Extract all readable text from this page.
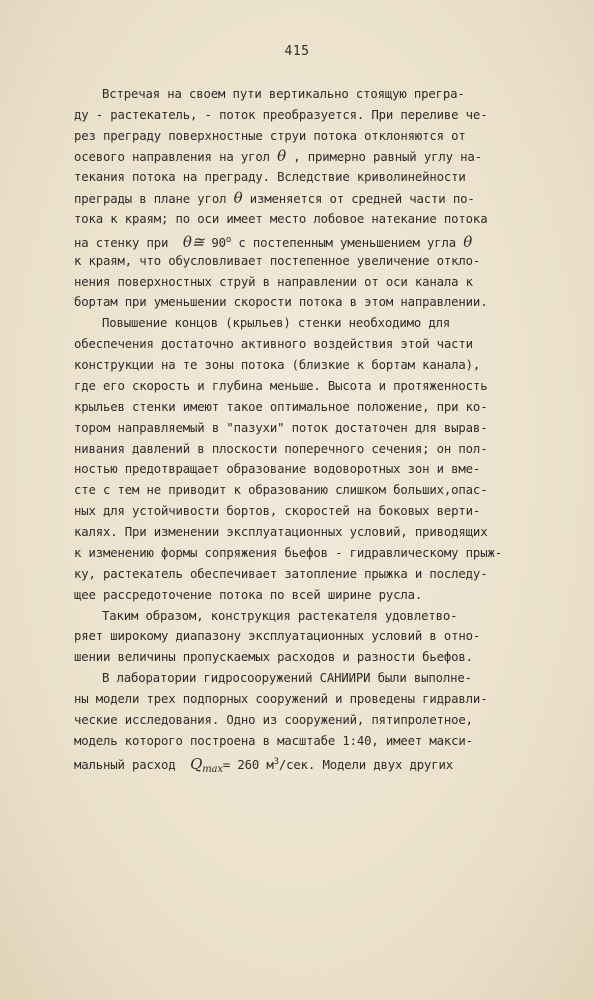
415
Встречая на своем пути вертикально стоящую прегра-
ду - растекатель, - поток преобразуется. При переливе че-
рез преграду поверхностные струи потока отклоняются от
осевого направления на угол θ , примерно равный углу на-
текания потока на преграду. Вследствие криволинейности
преграды в плане угол θ изменяется от средней части по-
тока к краям; по оси имеет место лобовое натекание потока
на стенку при  θ≅ $90^о$ с постепенным уменьшением угла θ
к краям, что обусловливает постепенное увеличение откло-
нения поверхностных струй в направлении от оси канала к
бортам при уменьшении скорости потока в этом направлении.
Повышение концов (крыльев) стенки необходимо для
обеспечения достаточно активного воздействия этой части
конструкции на те зоны потока (близкие к бортам канала),
где его скорость и глубина меньше. Высота и протяженность
крыльев стенки имеют такое оптимальное положение, при ко-
тором направляемый в "пазухи" поток достаточен для вырав-
нивания давлений в плоскости поперечного сечения; он пол-
ностью предотвращает образование водоворотных зон и вме-
сте с тем не приводит к образованию слишком больших,опас-
ных для устойчивости бортов, скоростей на боковых верти-
калях. При изменении эксплуатационных условий, приводящих
к изменению формы сопряжения бьефов - гидравлическому прыж-
ку, растекатель обеспечивает затопление прыжка и последу-
щее рассредоточение потока по всей ширине русла.
Таким образом, конструкция растекателя удовлетво-
ряет широкому диапазону эксплуатационных условий в отно-
шении величины пропускаемых расходов и разности бьефов.
В лаборатории гидросооружений САНИИРИ были выполне-
ны модели трех подпорных сооружений и проведены гидравли-
ческие исследования. Одно из сооружений, пятипролетное,
модель которого построена в масштабе 1:40, имеет макси-
мальный расход  $Q_{max}= 260$ $м^3$/сек. Модели двух других
